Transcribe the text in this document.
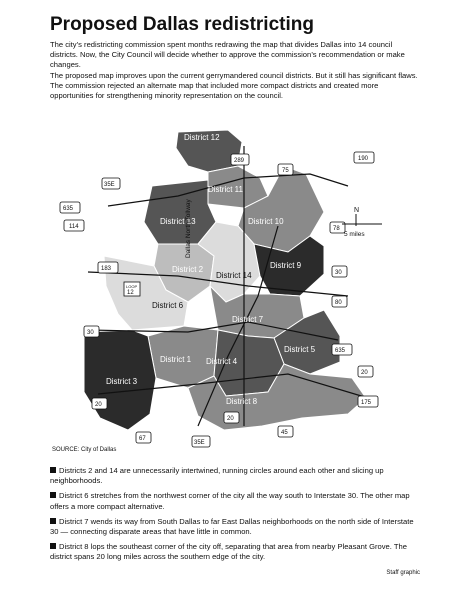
Proposed Dallas redistricting

The city’s redistricting commission spent months redrawing the map that divides Dallas into 14 council districts. Now, the City Council will decide whether to approve the commission’s recommendation or make changes.

The proposed map improves upon the current gerrymandered council districts. But it still has significant flaws. The commission rejected an alternate map that included more compact districts and created more opportunities for strengthening minority representation on the council.

District 12
District 11
District 13	District 10
District 2
District 14
District 9
District 6
District 7
District 5
District 1 District 4
District 3
District 8
289	190
75
35E
635
114	78
183
LOOP
12
30
80
30
635
20
20	175
20
45
67
35E
Dallas North Tollway	N
5 miles
SOURCE: City of Dallas

Districts 2 and 14 are unnecessarily intertwined, running circles around each other and slicing up neighborhoods.

District 6 stretches from the northwest corner of the city all the way south to Interstate 30. The other map offers a more compact alternative.

District 7 wends its way from South Dallas to far East Dallas neighborhoods on the north side of Interstate 30 — connecting disparate areas that have little in common.

District 8 lops the southeast corner of the city off, separating that area from nearby Pleasant Grove. The district spans 20 long miles across the southern edge of the city.

Staff graphic
